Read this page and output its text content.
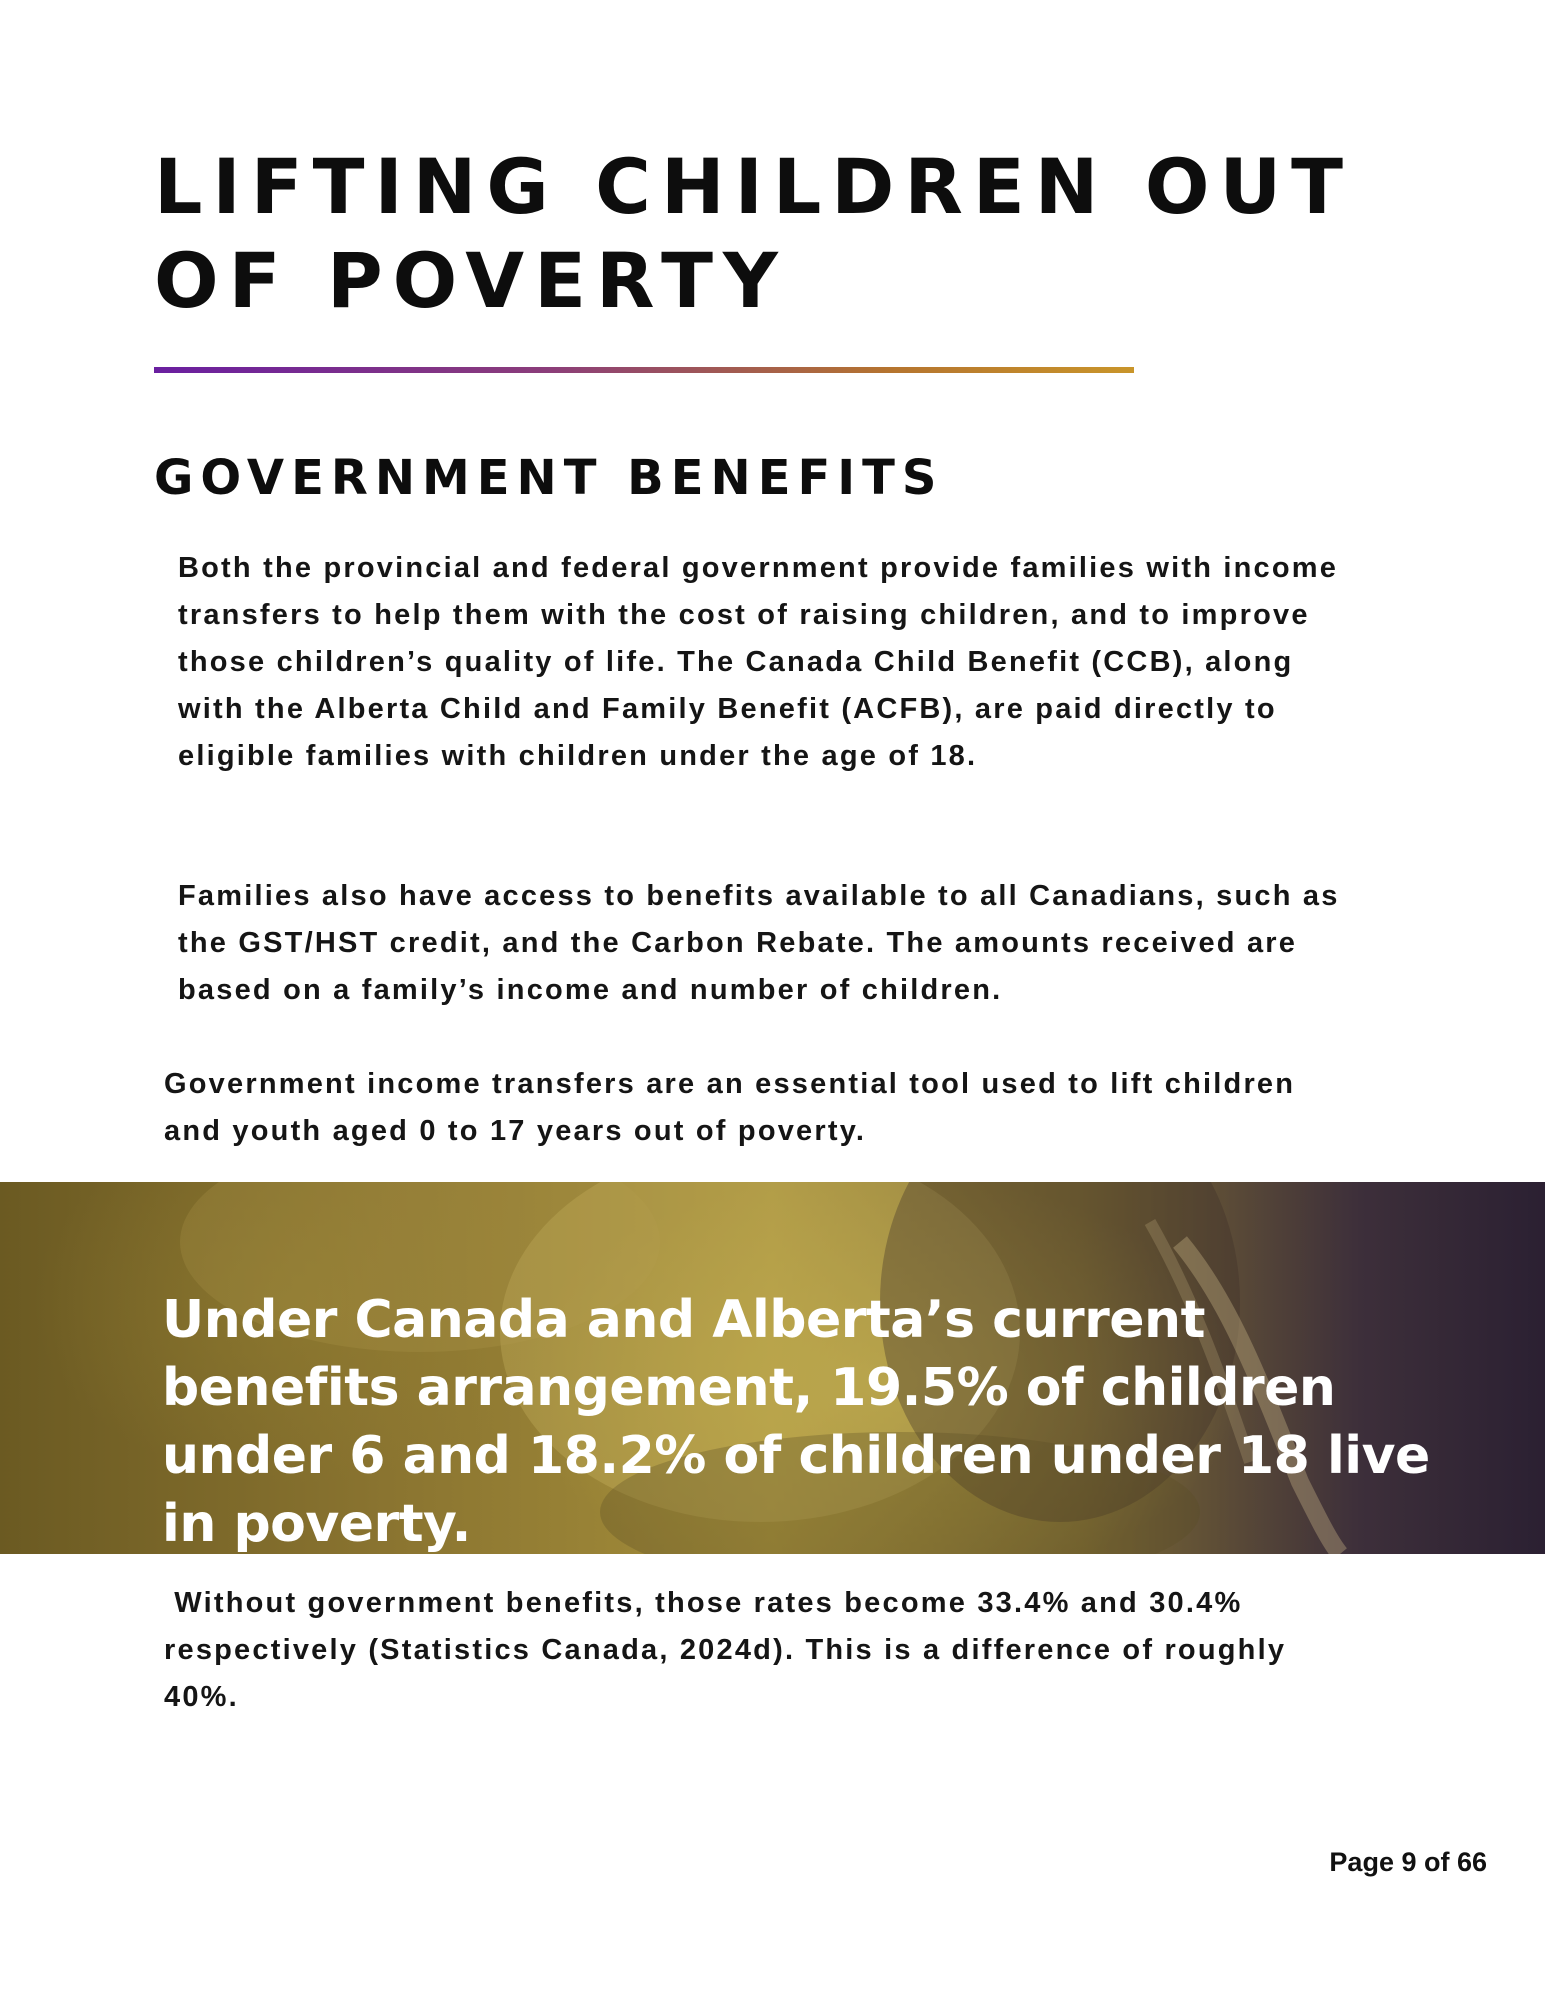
LIFTING CHILDREN OUT OF POVERTY
GOVERNMENT BENEFITS

Both the provincial and federal government provide families with income transfers to help them with the cost of raising children, and to improve those children’s quality of life. The Canada Child Benefit (CCB), along with the Alberta Child and Family Benefit (ACFB), are paid directly to eligible families with children under the age of 18.

Families also have access to benefits available to all Canadians, such as the GST/HST credit, and the Carbon Rebate. The amounts received are based on a family’s income and number of children.

Government income transfers are an essential tool used to lift children and youth aged 0 to 17 years out of poverty.

Under Canada and Alberta’s current benefits arrangement, 19.5% of children under 6 and 18.2% of children under 18 live in poverty.

Without government benefits, those rates become 33.4% and 30.4% respectively (Statistics Canada, 2024d). This is a difference of roughly 40%.

Page 9 of 66
